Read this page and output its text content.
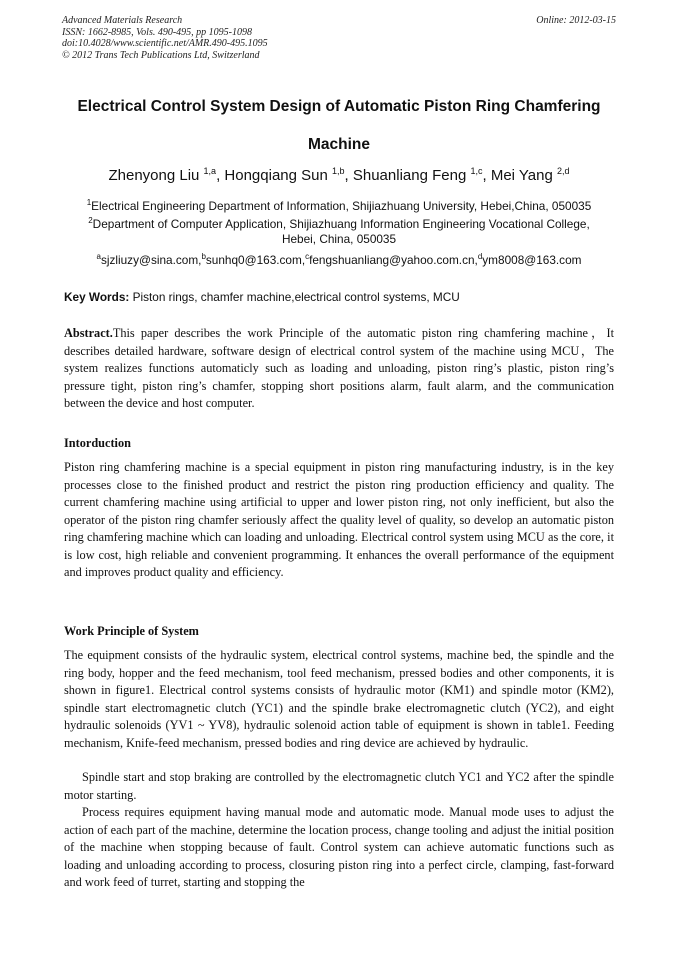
Advanced Materials Research
ISSN: 1662-8985, Vols. 490-495, pp 1095-1098
doi:10.4028/www.scientific.net/AMR.490-495.1095
© 2012 Trans Tech Publications Ltd, Switzerland
Online: 2012-03-15
Electrical Control System Design of Automatic Piston Ring Chamfering Machine
Zhenyong Liu $^{1,a}$, Hongqiang Sun $^{1,b}$, Shuanliang Feng $^{1,c}$, Mei Yang $^{2,d}$
$^1$Electrical Engineering Department of Information, Shijiazhuang University, Hebei,China, 050035
$^2$Department of Computer Application, Shijiazhuang Information Engineering Vocational College,
Hebei, China, 050035
$^a$sjzliuzy@sina.com,$^b$sunhq0@163.com,$^c$fengshuanliang@yahoo.com.cn,$^d$ym8008@163.com
Key Words: Piston rings, chamfer machine,electrical control systems, MCU
Abstract.This paper describes the work Principle of the automatic piston ring chamfering machine，It describes detailed hardware, software design of electrical control system of the machine using MCU，The system realizes functions automaticly such as loading and unloading, piston ring’s plastic, piston ring’s pressure tight, piston ring’s chamfer, stopping short positions alarm, fault alarm, and the communication between the device and host computer.
Intorduction
Piston ring chamfering machine is a special equipment in piston ring manufacturing industry, is in the key processes close to the finished product and restrict the piston ring production efficiency and quality. The current chamfering machine using artificial to upper and lower piston ring, not only inefficient, but also the operator of the piston ring chamfer seriously affect the quality level of quality, so develop an automatic piston ring chamfering machine which can loading and unloading. Electrical control system using MCU as the core, it is low cost, high reliable and convenient programming. It enhances the overall performance of the equipment and improves product quality and efficiency.
Work Principle of System
The equipment consists of the hydraulic system, electrical control systems, machine bed, the spindle and the ring body, hopper and the feed mechanism, tool feed mechanism, pressed bodies and other components, it is shown in figure1. Electrical control systems consists of hydraulic motor (KM1) and spindle motor (KM2), spindle start electromagnetic clutch (YC1) and the spindle brake electromagnetic clutch (YC2), and eight hydraulic solenoids (YV1 ~ YV8), hydraulic solenoid action table of equipment is shown in table1. Feeding mechanism, Knife-feed mechanism, pressed bodies and ring device are achieved by hydraulic.
Spindle start and stop braking are controlled by the electromagnetic clutch YC1 and YC2 after the spindle motor starting.
Process requires equipment having manual mode and automatic mode. Manual mode uses to adjust the action of each part of the machine, determine the location process, change tooling and adjust the initial position of the machine when stopping because of fault. Control system can achieve automatic functions such as loading and unloading according to process, closuring piston ring into a perfect circle, clamping, fast-forward and work feed of turret, starting and stopping the
